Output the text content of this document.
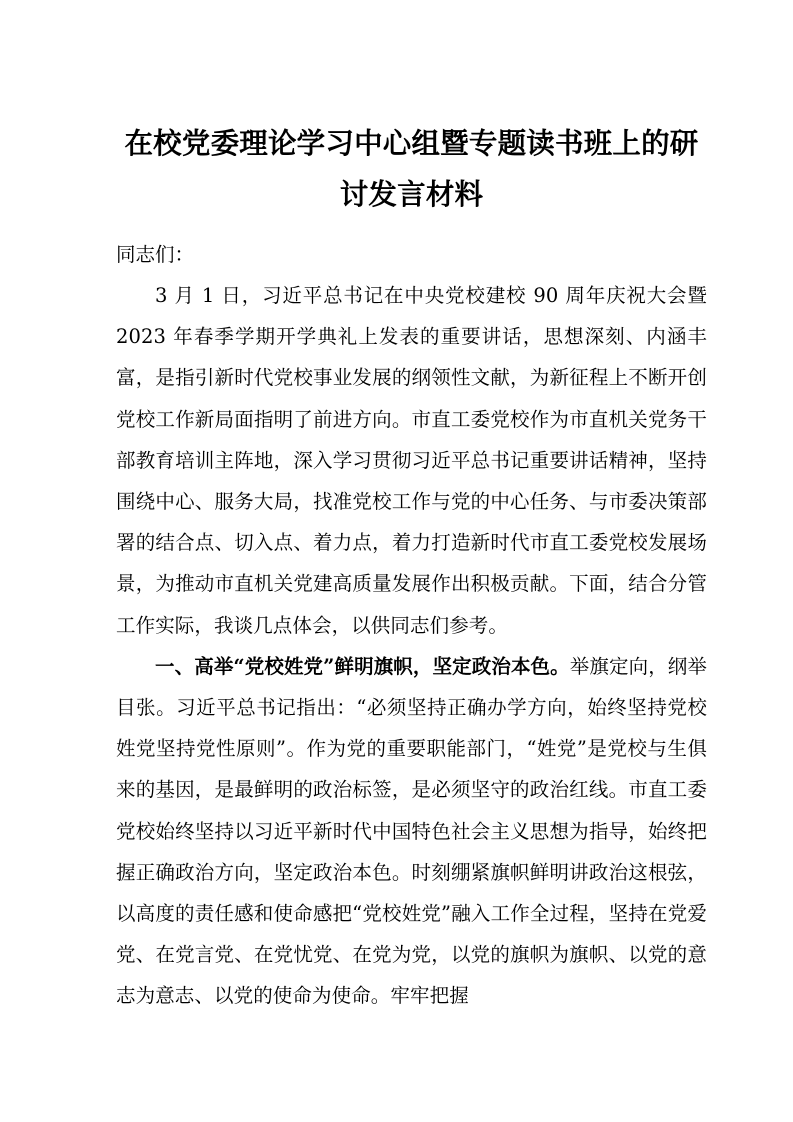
在校党委理论学习中心组暨专题读书班上的研讨发言材料

同志们：

3 月 1 日，习近平总书记在中央党校建校 90 周年庆祝大会暨 2023 年春季学期开学典礼上发表的重要讲话，思想深刻、内涵丰富，是指引新时代党校事业发展的纲领性文献，为新征程上不断开创党校工作新局面指明了前进方向。市直工委党校作为市直机关党务干部教育培训主阵地，深入学习贯彻习近平总书记重要讲话精神，坚持围绕中心、服务大局，找准党校工作与党的中心任务、与市委决策部署的结合点、切入点、着力点，着力打造新时代市直工委党校发展场景，为推动市直机关党建高质量发展作出积极贡献。下面，结合分管工作实际，我谈几点体会，以供同志们参考。

一、高举“党校姓党”鲜明旗帜，坚定政治本色。举旗定向，纲举目张。习近平总书记指出：“必须坚持正确办学方向，始终坚持党校姓党坚持党性原则”。作为党的重要职能部门，“姓党”是党校与生俱来的基因，是最鲜明的政治标签，是必须坚守的政治红线。市直工委党校始终坚持以习近平新时代中国特色社会主义思想为指导，始终把握正确政治方向，坚定政治本色。时刻绷紧旗帜鲜明讲政治这根弦，以高度的责任感和使命感把“党校姓党”融入工作全过程，坚持在党爱党、在党言党、在党忧党、在党为党，以党的旗帜为旗帜、以党的意志为意志、以党的使命为使命。牢牢把握
